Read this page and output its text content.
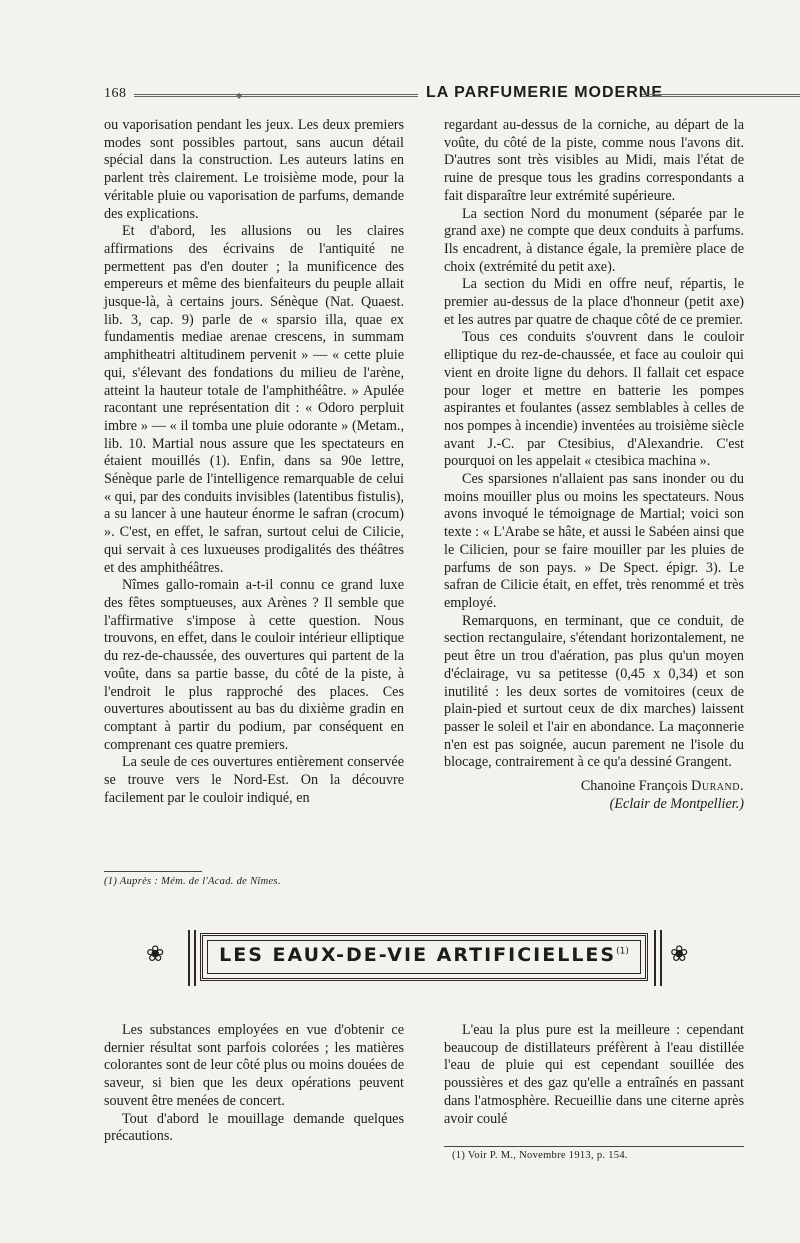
168	◆	LA PARFUMERIE MODERNE

ou vaporisation pendant les jeux. Les deux premiers modes sont possibles partout, sans aucun détail spécial dans la construction. Les auteurs latins en parlent très clairement. Le troisième mode, pour la véritable pluie ou vaporisation de parfums, demande des explications.

Et d'abord, les allusions ou les claires affirmations des écrivains de l'antiquité ne permettent pas d'en douter ; la munificence des empereurs et même des bienfaiteurs du peuple allait jusque-là, à certains jours. Sénèque (Nat. Quaest. lib. 3, cap. 9) parle de « sparsio illa, quae ex fundamentis mediae arenae crescens, in summam amphitheatri altitudinem pervenit » — « cette pluie qui, s'élevant des fondations du milieu de l'arène, atteint la hauteur totale de l'amphithéâtre. » Apulée racontant une représentation dit : « Odoro perpluit imbre » — « il tomba une pluie odorante » (Metam., lib. 10. Martial nous assure que les spectateurs en étaient mouillés (1). Enfin, dans sa 90e lettre, Sénèque parle de l'intelligence remarquable de celui « qui, par des conduits invisibles (latentibus fistulis), a su lancer à une hauteur énorme le safran (crocum) ». C'est, en effet, le safran, surtout celui de Cilicie, qui servait à ces luxueuses prodigalités des théâtres et des amphithéâtres.

Nîmes gallo-romain a-t-il connu ce grand luxe des fêtes somptueuses, aux Arènes ? Il semble que l'affirmative s'impose à cette question. Nous trouvons, en effet, dans le couloir intérieur elliptique du rez-de-chaussée, des ouvertures qui partent de la voûte, dans sa partie basse, du côté de la piste, à l'endroit le plus rapproché des places. Ces ouvertures aboutissent au bas du dixième gradin en comptant à partir du podium, par conséquent en comprenant ces quatre premiers.

La seule de ces ouvertures entièrement conservée se trouve vers le Nord-Est. On la découvre facilement par le couloir indiqué, en

(1) Auprès : Mém. de l'Acad. de Nîmes.

regardant au-dessus de la corniche, au départ de la voûte, du côté de la piste, comme nous l'avons dit. D'autres sont très visibles au Midi, mais l'état de ruine de presque tous les gradins correspondants a fait disparaître leur extrémité supérieure.

La section Nord du monument (séparée par le grand axe) ne compte que deux conduits à parfums. Ils encadrent, à distance égale, la première place de choix (extrémité du petit axe).

La section du Midi en offre neuf, répartis, le premier au-dessus de la place d'honneur (petit axe) et les autres par quatre de chaque côté de ce premier.

Tous ces conduits s'ouvrent dans le couloir elliptique du rez-de-chaussée, et face au couloir qui vient en droite ligne du dehors. Il fallait cet espace pour loger et mettre en batterie les pompes aspirantes et foulantes (assez semblables à celles de nos pompes à incendie) inventées au troisième siècle avant J.-C. par Ctesibius, d'Alexandrie. C'est pourquoi on les appelait « ctesibica machina ».

Ces sparsiones n'allaient pas sans inonder ou du moins mouiller plus ou moins les spectateurs. Nous avons invoqué le témoignage de Martial; voici son texte : « L'Arabe se hâte, et aussi le Sabéen ainsi que le Cilicien, pour se faire mouiller par les pluies de parfums de son pays. » De Spect. épigr. 3). Le safran de Cilicie était, en effet, très renommé et très employé.

Remarquons, en terminant, que ce conduit, de section rectangulaire, s'étendant horizontalement, ne peut être un trou d'aération, pas plus qu'un moyen d'éclairage, vu sa petitesse (0,45 x 0,34) et son inutilité : les deux sortes de vomitoires (ceux de plain-pied et surtout ceux de dix marches) laissent passer le soleil et l'air en abondance. La maçonnerie n'en est pas soignée, aucun parement ne l'isole du blocage, contrairement à ce qu'a dessiné Grangent.

Chanoine François Durand.
(Eclair de Montpellier.)
❀	LES EAUX-DE-VIE ARTIFICIELLES$^{(1)}$	❀

Les substances employées en vue d'obtenir ce dernier résultat sont parfois colorées ; les matières colorantes sont de leur côté plus ou moins douées de saveur, si bien que les deux opérations peuvent souvent être menées de concert.

Tout d'abord le mouillage demande quelques précautions.

L'eau la plus pure est la meilleure : cependant beaucoup de distillateurs préfèrent à l'eau distillée l'eau de pluie qui est cependant souillée des poussières et des gaz qu'elle a entraînés en passant dans l'atmosphère. Recueillie dans une citerne après avoir coulé

(1) Voir P. M., Novembre 1913, p. 154.
